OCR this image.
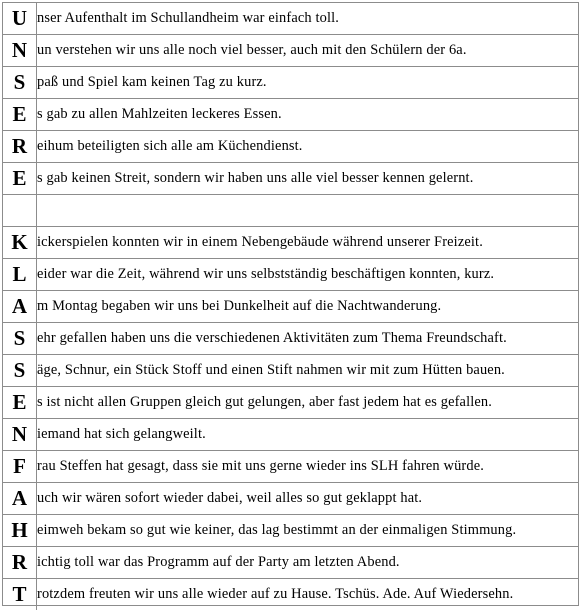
U	nser Aufenthalt im Schullandheim war einfach toll.
N	un verstehen wir uns alle noch viel besser, auch mit den Schülern der 6a.
S	paß und Spiel kam keinen Tag zu kurz.
E	s gab zu allen Mahlzeiten leckeres Essen.
R	eihum beteiligten sich alle am Küchendienst.
E	s gab keinen Streit, sondern wir haben uns alle viel besser kennen gelernt.

K	ickerspielen konnten wir in einem Nebengebäude während unserer Freizeit.
L	eider war die Zeit, während wir uns selbstständig beschäftigen konnten, kurz.
A	m Montag begaben wir uns bei Dunkelheit auf die Nachtwanderung.
S	ehr gefallen haben uns die verschiedenen Aktivitäten zum Thema Freundschaft.
S	äge, Schnur, ein Stück Stoff und einen Stift nahmen wir mit zum Hütten bauen.
E	s ist nicht allen Gruppen gleich gut gelungen, aber fast jedem hat es gefallen.
N	iemand hat sich gelangweilt.
F	rau Steffen hat gesagt, dass sie mit uns gerne wieder ins SLH fahren würde.
A	uch wir wären sofort wieder dabei, weil alles so gut geklappt hat.
H	eimweh bekam so gut wie keiner, das lag bestimmt an der einmaligen Stimmung.
R	ichtig toll war das Programm auf der Party am letzten Abend.
T	rotzdem freuten wir uns alle wieder auf zu Hause. Tschüs. Ade. Auf Wiedersehn.
